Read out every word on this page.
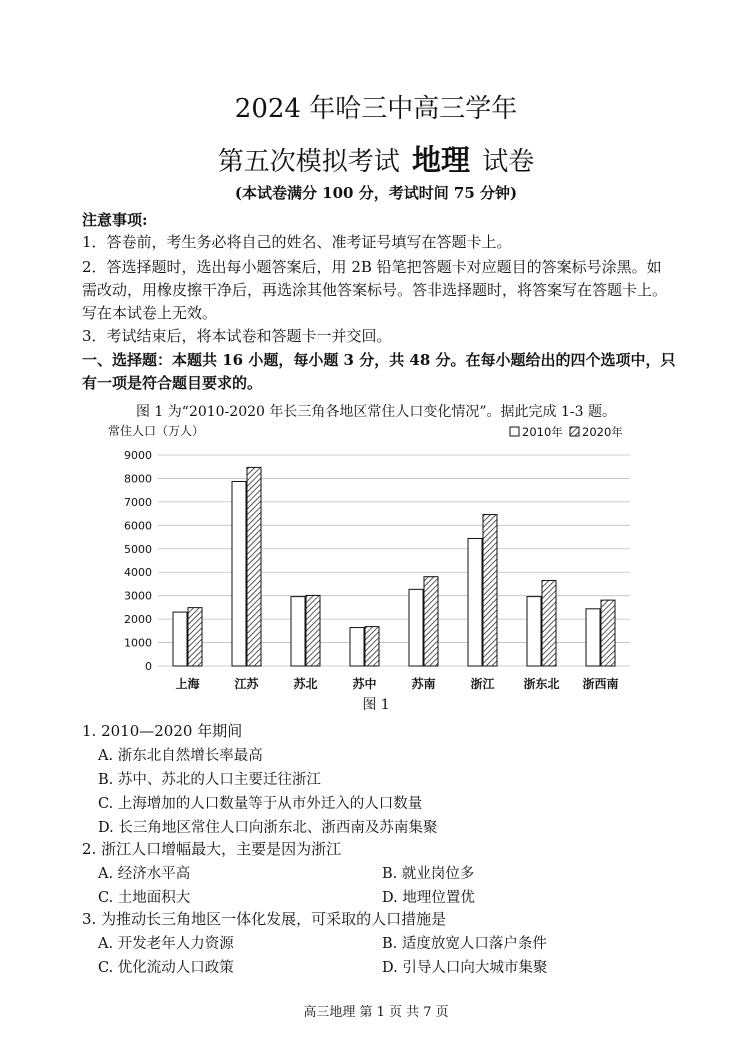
2024 年哈三中高三学年
第五次模拟考试 地理 试卷
(本试卷满分 100 分，考试时间 75 分钟)
注意事项:
1．答卷前，考生务必将自己的姓名、准考证号填写在答题卡上。
2．答选择题时，选出每小题答案后，用 2B 铅笔把答题卡对应题目的答案标号涂黑。如
需改动，用橡皮擦干净后，再选涂其他答案标号。答非选择题时，将答案写在答题卡上。
写在本试卷上无效。
3．考试结束后，将本试卷和答题卡一并交回。
一、选择题：本题共 16 小题，每小题 3 分，共 48 分。在每小题给出的四个选项中，只
有一项是符合题目要求的。
图 1 为“2010-2020 年长三角各地区常住人口变化情况”。据此完成 1-3 题。
常住人口（万人）	2010年 2020年
0
1000
2000
3000
4000
5000
6000
7000
8000
9000
上海	江苏	苏北	苏中	苏南	浙江 浙东北 浙西南
图 1
1. 2010—2020 年期间
A. 浙东北自然增长率最高
B. 苏中、苏北的人口主要迁往浙江
C. 上海增加的人口数量等于从市外迁入的人口数量
D. 长三角地区常住人口向浙东北、浙西南及苏南集聚
2. 浙江人口增幅最大，主要是因为浙江
A. 经济水平高	B. 就业岗位多
C. 土地面积大	D. 地理位置优
3. 为推动长三角地区一体化发展，可采取的人口措施是
A. 开发老年人力资源	B. 适度放宽人口落户条件
C. 优化流动人口政策	D. 引导人口向大城市集聚
高三地理 第 1 页 共 7 页
